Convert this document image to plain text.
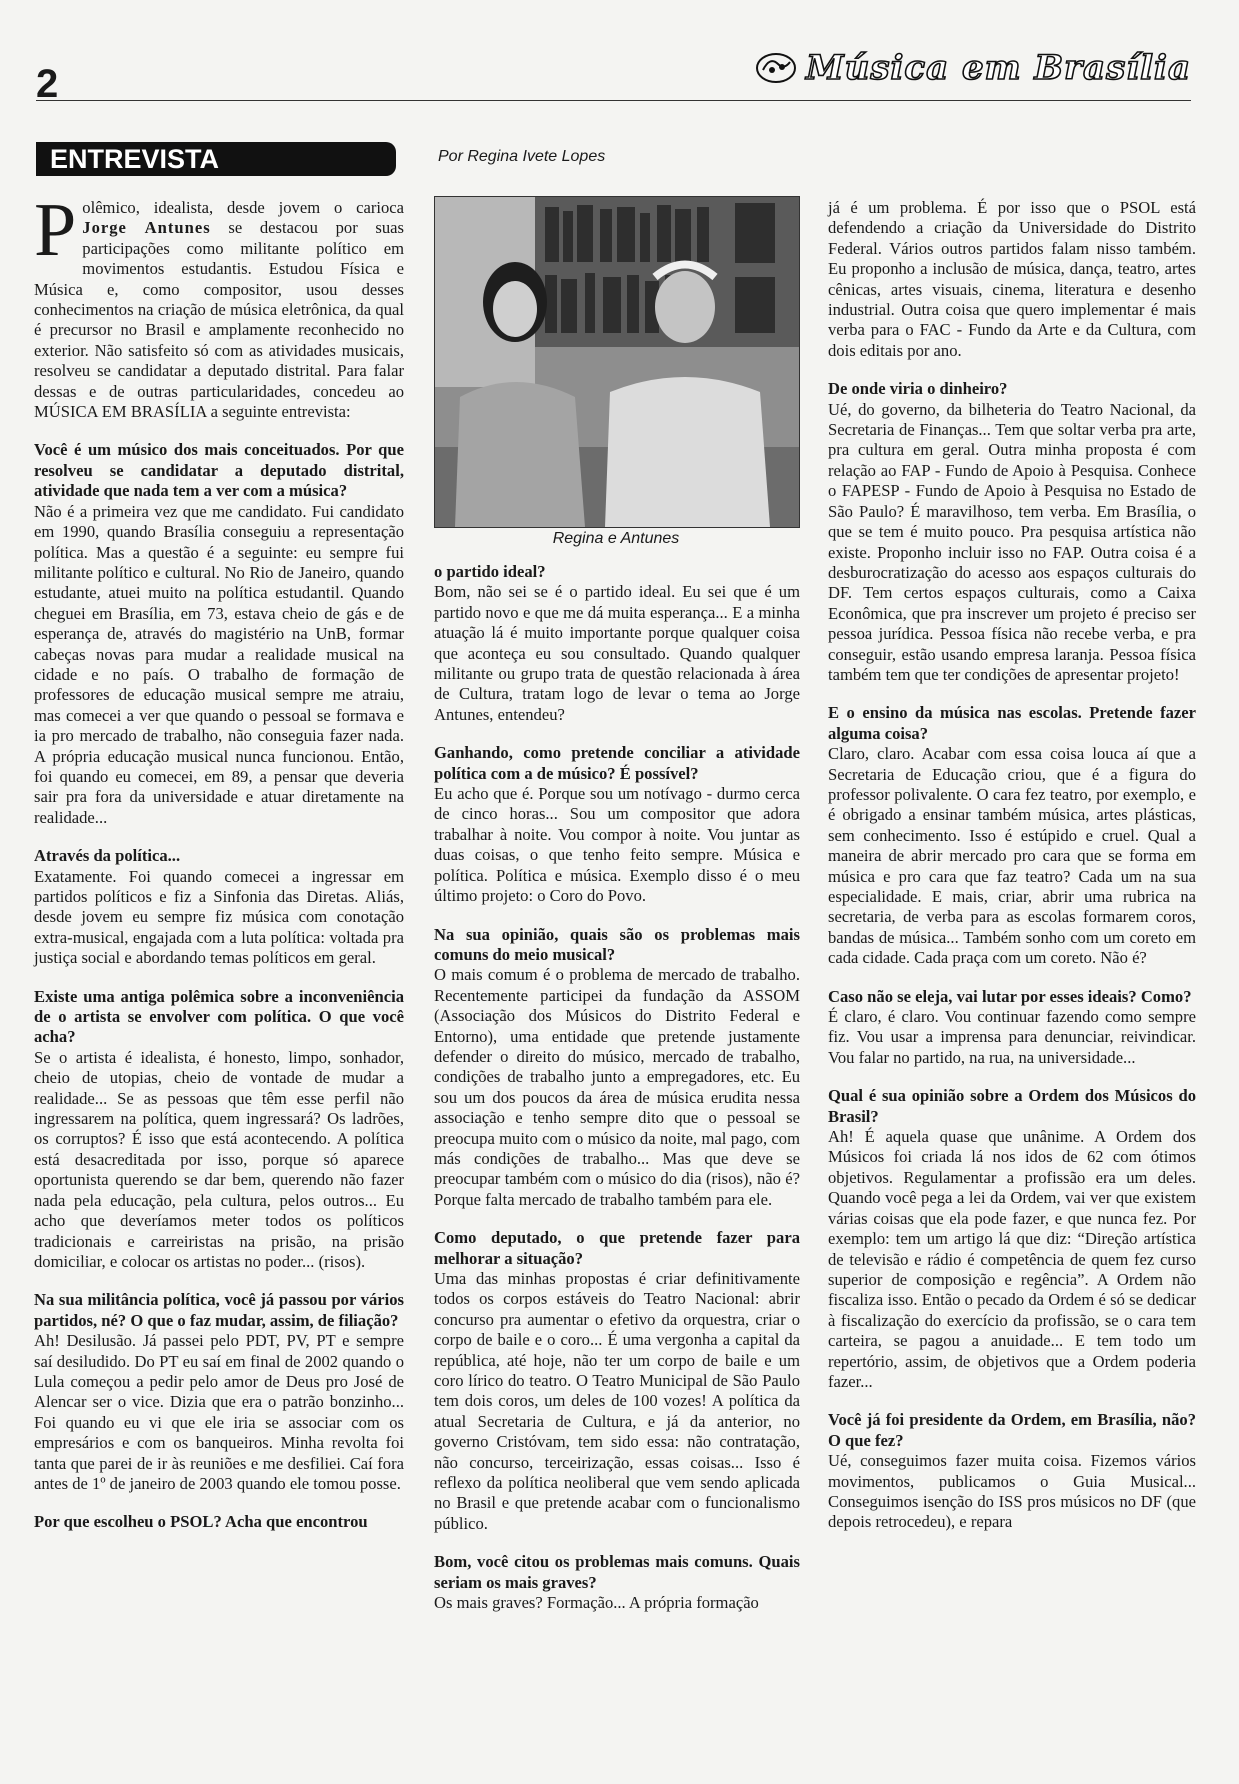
2	Música em Brasília
ENTREVISTA	Por Regina Ivete Lopes

Polêmico, idealista, desde jovem o carioca Jorge Antunes se destacou por suas participações como militante político em movimentos estudantis. Estudou Física e Música e, como compositor, usou desses conhecimentos na criação de música eletrônica, da qual é precursor no Brasil e amplamente reconhecido no exterior. Não satisfeito só com as atividades musicais, resolveu se candidatar a deputado distrital. Para falar dessas e de outras particularidades, concedeu ao MÚSICA EM BRASÍLIA a seguinte entrevista:

Você é um músico dos mais conceituados. Por que resolveu se candidatar a deputado distrital, atividade que nada tem a ver com a música?
Não é a primeira vez que me candidato. Fui candidato em 1990, quando Brasília conseguiu a representação política. Mas a questão é a seguinte: eu sempre fui militante político e cultural. No Rio de Janeiro, quando estudante, atuei muito na política estudantil. Quando cheguei em Brasília, em 73, estava cheio de gás e de esperança de, através do magistério na UnB, formar cabeças novas para mudar a realidade musical na cidade e no país. O trabalho de formação de professores de educação musical sempre me atraiu, mas comecei a ver que quando o pessoal se formava e ia pro mercado de trabalho, não conseguia fazer nada. A própria educação musical nunca funcionou. Então, foi quando eu comecei, em 89, a pensar que deveria sair pra fora da universidade e atuar diretamente na realidade...

Através da política...
Exatamente. Foi quando comecei a ingressar em partidos políticos e fiz a Sinfonia das Diretas. Aliás, desde jovem eu sempre fiz música com conotação extra-musical, engajada com a luta política: voltada pra justiça social e abordando temas políticos em geral.

Existe uma antiga polêmica sobre a inconveniência de o artista se envolver com política. O que você acha?
Se o artista é idealista, é honesto, limpo, sonhador, cheio de utopias, cheio de vontade de mudar a realidade... Se as pessoas que têm esse perfil não ingressarem na política, quem ingressará? Os ladrões, os corruptos? É isso que está acontecendo. A política está desacreditada por isso, porque só aparece oportunista querendo se dar bem, querendo não fazer nada pela educação, pela cultura, pelos outros... Eu acho que deveríamos meter todos os políticos tradicionais e carreiristas na prisão, na prisão domiciliar, e colocar os artistas no poder... (risos).

Na sua militância política, você já passou por vários partidos, né? O que o faz mudar, assim, de filiação?
Ah! Desilusão. Já passei pelo PDT, PV, PT e sempre saí desiludido. Do PT eu saí em final de 2002 quando o Lula começou a pedir pelo amor de Deus pro José de Alencar ser o vice. Dizia que era o patrão bonzinho... Foi quando eu vi que ele iria se associar com os empresários e com os banqueiros. Minha revolta foi tanta que parei de ir às reuniões e me desfiliei. Caí fora antes de 1º de janeiro de 2003 quando ele tomou posse.

Por que escolheu o PSOL? Acha que encontrou

Regina e Antunes

o partido ideal?
Bom, não sei se é o partido ideal. Eu sei que é um partido novo e que me dá muita esperança... E a minha atuação lá é muito importante porque qualquer coisa que aconteça eu sou consultado. Quando qualquer militante ou grupo trata de questão relacionada à área de Cultura, tratam logo de levar o tema ao Jorge Antunes, entendeu?

Ganhando, como pretende conciliar a atividade política com a de músico? É possível?
Eu acho que é. Porque sou um notívago - durmo cerca de cinco horas... Sou um compositor que adora trabalhar à noite. Vou compor à noite. Vou juntar as duas coisas, o que tenho feito sempre. Música e política. Política e música. Exemplo disso é o meu último projeto: o Coro do Povo.

Na sua opinião, quais são os problemas mais comuns do meio musical?
O mais comum é o problema de mercado de trabalho. Recentemente participei da fundação da ASSOM (Associação dos Músicos do Distrito Federal e Entorno), uma entidade que pretende justamente defender o direito do músico, mercado de trabalho, condições de trabalho junto a empregadores, etc. Eu sou um dos poucos da área de música erudita nessa associação e tenho sempre dito que o pessoal se preocupa muito com o músico da noite, mal pago, com más condições de trabalho... Mas que deve se preocupar também com o músico do dia (risos), não é? Porque falta mercado de trabalho também para ele.

Como deputado, o que pretende fazer para melhorar a situação?
Uma das minhas propostas é criar definitivamente todos os corpos estáveis do Teatro Nacional: abrir concurso pra aumentar o efetivo da orquestra, criar o corpo de baile e o coro... É uma vergonha a capital da república, até hoje, não ter um corpo de baile e um coro lírico do teatro. O Teatro Municipal de São Paulo tem dois coros, um deles de 100 vozes! A política da atual Secretaria de Cultura, e já da anterior, no governo Cristóvam, tem sido essa: não contratação, não concurso, terceirização, essas coisas... Isso é reflexo da política neoliberal que vem sendo aplicada no Brasil e que pretende acabar com o funcionalismo público.

Bom, você citou os problemas mais comuns. Quais seriam os mais graves?
Os mais graves? Formação... A própria formação

já é um problema. É por isso que o PSOL está defendendo a criação da Universidade do Distrito Federal. Vários outros partidos falam nisso também. Eu proponho a inclusão de música, dança, teatro, artes cênicas, artes visuais, cinema, literatura e desenho industrial. Outra coisa que quero implementar é mais verba para o FAC - Fundo da Arte e da Cultura, com dois editais por ano.

De onde viria o dinheiro?
Ué, do governo, da bilheteria do Teatro Nacional, da Secretaria de Finanças... Tem que soltar verba pra arte, pra cultura em geral. Outra minha proposta é com relação ao FAP - Fundo de Apoio à Pesquisa. Conhece o FAPESP - Fundo de Apoio à Pesquisa no Estado de São Paulo? É maravilhoso, tem verba. Em Brasília, o que se tem é muito pouco. Pra pesquisa artística não existe. Proponho incluir isso no FAP. Outra coisa é a desburocratização do acesso aos espaços culturais do DF. Tem certos espaços culturais, como a Caixa Econômica, que pra inscrever um projeto é preciso ser pessoa jurídica. Pessoa física não recebe verba, e pra conseguir, estão usando empresa laranja. Pessoa física também tem que ter condições de apresentar projeto!

E o ensino da música nas escolas. Pretende fazer alguma coisa?
Claro, claro. Acabar com essa coisa louca aí que a Secretaria de Educação criou, que é a figura do professor polivalente. O cara fez teatro, por exemplo, e é obrigado a ensinar também música, artes plásticas, sem conhecimento. Isso é estúpido e cruel. Qual a maneira de abrir mercado pro cara que se forma em música e pro cara que faz teatro? Cada um na sua especialidade. E mais, criar, abrir uma rubrica na secretaria, de verba para as escolas formarem coros, bandas de música... Também sonho com um coreto em cada cidade. Cada praça com um coreto. Não é?

Caso não se eleja, vai lutar por esses ideais? Como?
É claro, é claro. Vou continuar fazendo como sempre fiz. Vou usar a imprensa para denunciar, reivindicar. Vou falar no partido, na rua, na universidade...

Qual é sua opinião sobre a Ordem dos Músicos do Brasil?
Ah! É aquela quase que unânime. A Ordem dos Músicos foi criada lá nos idos de 62 com ótimos objetivos. Regulamentar a profissão era um deles. Quando você pega a lei da Ordem, vai ver que existem várias coisas que ela pode fazer, e que nunca fez. Por exemplo: tem um artigo lá que diz: “Direção artística de televisão e rádio é competência de quem fez curso superior de composição e regência”. A Ordem não fiscaliza isso. Então o pecado da Ordem é só se dedicar à fiscalização do exercício da profissão, se o cara tem carteira, se pagou a anuidade... E tem todo um repertório, assim, de objetivos que a Ordem poderia fazer...

Você já foi presidente da Ordem, em Brasília, não? O que fez?
Ué, conseguimos fazer muita coisa. Fizemos vários movimentos, publicamos o Guia Musical... Conseguimos isenção do ISS pros músicos no DF (que depois retrocedeu), e repara
